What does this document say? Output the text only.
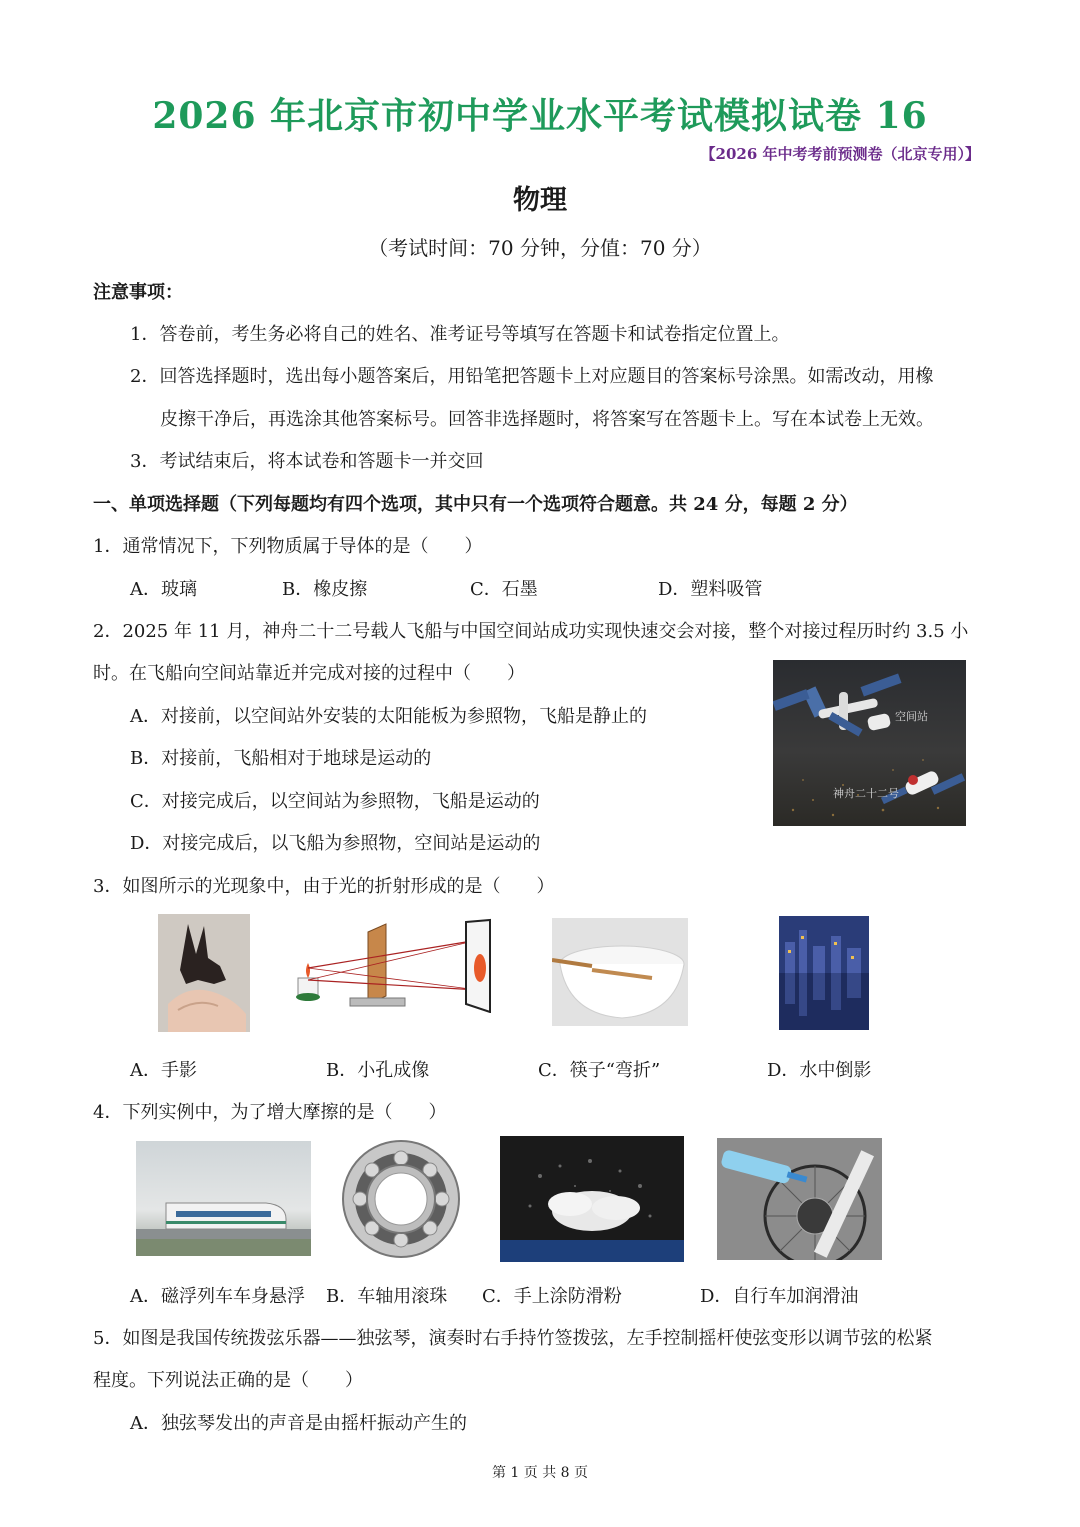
2026 年北京市初中学业水平考试模拟试卷 16
【2026 年中考考前预测卷（北京专用）】
物理
（考试时间：70 分钟，分值：70 分）
注意事项：
1．答卷前，考生务必将自己的姓名、准考证号等填写在答题卡和试卷指定位置上。
2．回答选择题时，选出每小题答案后，用铅笔把答题卡上对应题目的答案标号涂黑。如需改动，用橡
皮擦干净后，再选涂其他答案标号。回答非选择题时，将答案写在答题卡上。写在本试卷上无效。
3．考试结束后，将本试卷和答题卡一并交回
一、单项选择题（下列每题均有四个选项，其中只有一个选项符合题意。共 24 分，每题 2 分）
1．通常情况下，下列物质属于导体的是（　　）
A．玻璃	B．橡皮擦	C．石墨	D．塑料吸管
2．2025 年 11 月，神舟二十二号载人飞船与中国空间站成功实现快速交会对接，整个对接过程历时约 3.5 小
时。在飞船向空间站靠近并完成对接的过程中（　　）
A．对接前，以空间站外安装的太阳能板为参照物，飞船是静止的
B．对接前，飞船相对于地球是运动的
C．对接完成后，以空间站为参照物，飞船是运动的
D．对接完成后，以飞船为参照物，空间站是运动的
空间站
神舟二十二号
3．如图所示的光现象中，由于光的折射形成的是（　　）
A．手影	B．小孔成像	C．筷子“弯折”	D．水中倒影
4．下列实例中，为了增大摩擦的是（　　）
A．磁浮列车车身悬浮 B．车轴用滚珠 C．手上涂防滑粉	D．自行车加润滑油
5．如图是我国传统拨弦乐器——独弦琴，演奏时右手持竹签拨弦，左手控制摇杆使弦变形以调节弦的松紧
程度。下列说法正确的是（　　）
A．独弦琴发出的声音是由摇杆振动产生的
第 1 页 共 8 页
